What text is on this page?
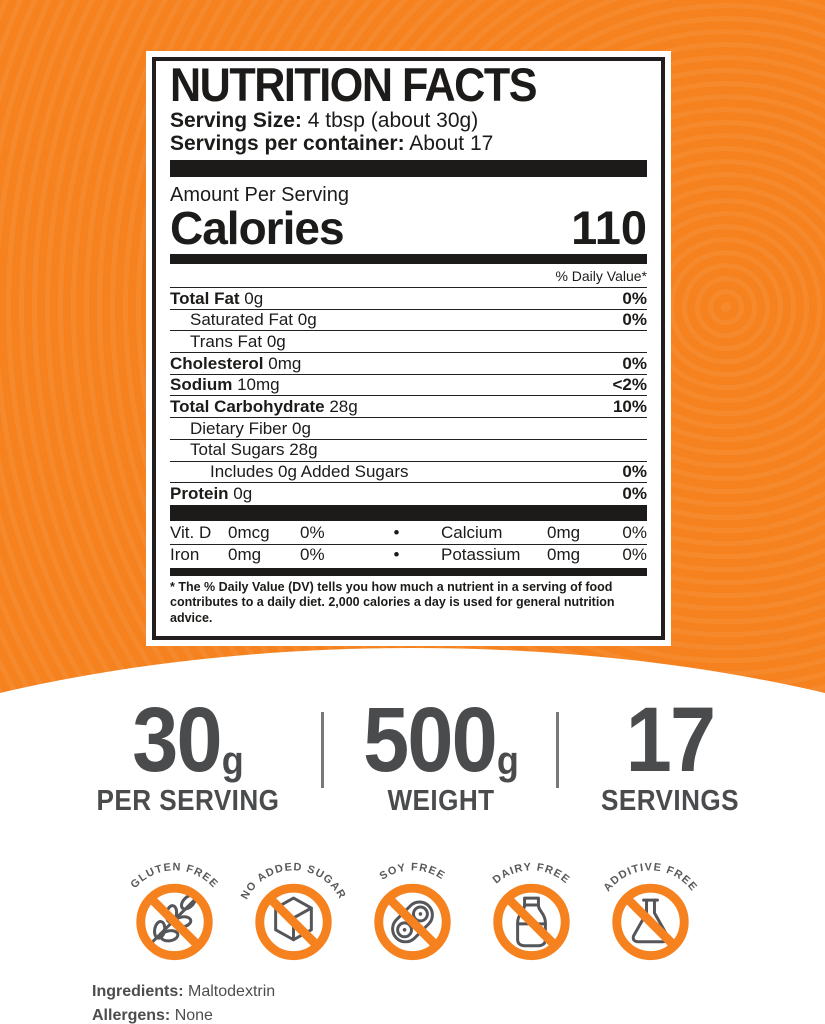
NUTRITION FACTS
Serving Size: 4 tbsp (about 30g)
Servings per container: About 17
Amount Per Serving
Calories	110
% Daily Value*
Total Fat 0g	0%
Saturated Fat 0g	0%
Trans Fat 0g
Cholesterol 0mg	0%
Sodium 10mg	<2%
Total Carbohydrate 28g	10%
Dietary Fiber 0g
Total Sugars 28g
Includes 0g Added Sugars	0%
Protein 0g	0%
Vit. D 0mcg	0%	•	Calcium	0mg	0%
Iron	0mg	0%	•	Potassium	0mg	0%

* The % Daily Value (DV) tells you how much a nutrient in a serving of food contributes to a daily diet. 2,000 calories a day is used for general nutrition advice.

30 g
PER SERVING
500 g
WEIGHT
17
SERVINGS
GLUTEN FREE
NO ADDED SUGAR
SOY FREE	DAIRY FREE
ADDITIVE FREE
Ingredients: Maltodextrin
Allergens: None
